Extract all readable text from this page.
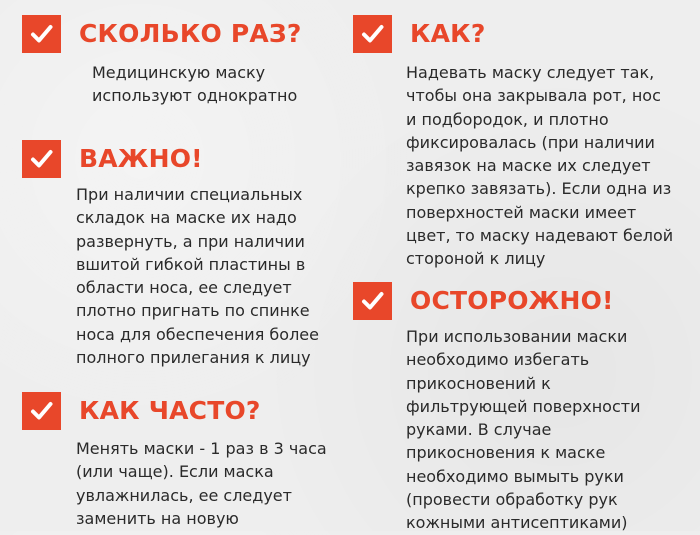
СКОЛЬКО РАЗ?

Медицинскую маску
используют однократно

ВАЖНО!

При наличии специальных
складок на маске их надо
развернуть, а при наличии
вшитой гибкой пластины в
области носа, ее следует
плотно пригнать по спинке
носа для обеспечения более
полного прилегания к лицу

КАК ЧАСТО?

Менять маски - 1 раз в 3 часа
(или чаще). Если маска
увлажнилась, ее следует
заменить на новую

КАК?

Надевать маску следует так,
чтобы она закрывала рот, нос
и подбородок, и плотно
фиксировалась (при наличии
завязок на маске их следует
крепко завязать). Если одна из
поверхностей маски имеет
цвет, то маску надевают белой
стороной к лицу

ОСТОРОЖНО!

При использовании маски
необходимо избегать
прикосновений к
фильтрующей поверхности
руками. В случае
прикосновения к маске
необходимо вымыть руки
(провести обработку рук
кожными антисептиками)
